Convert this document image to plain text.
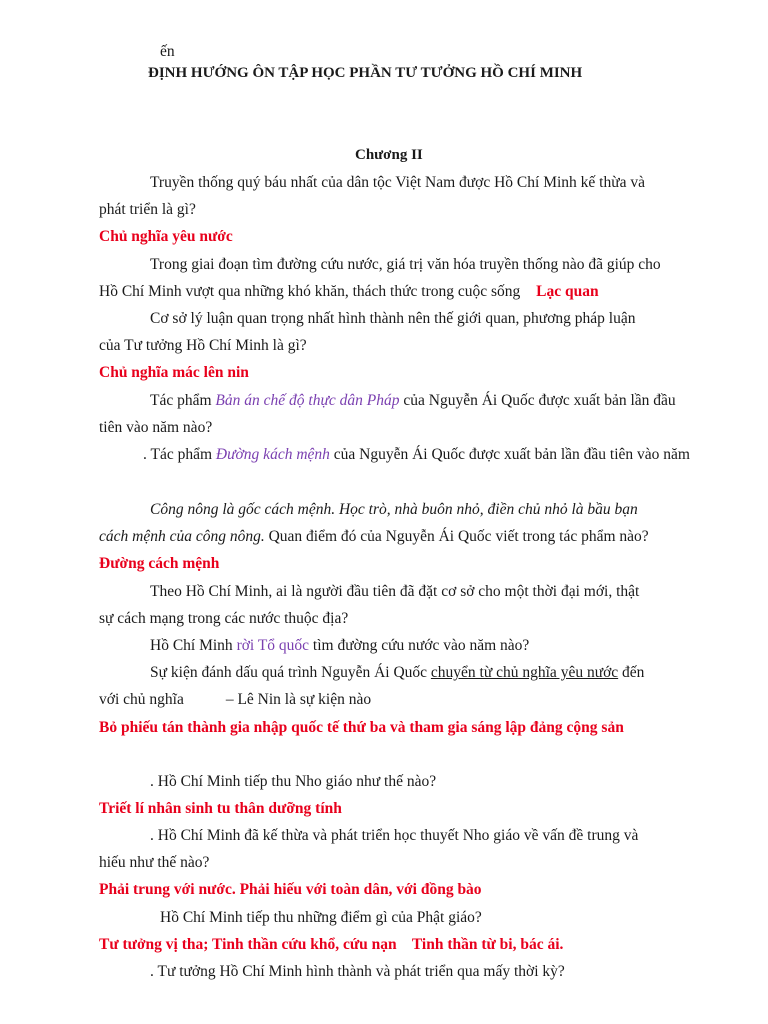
ến
ĐỊNH HƯỚNG ÔN TẬP HỌC PHẦN TƯ TƯỞNG HỒ CHÍ MINH
Chương II
Truyền thống quý báu nhất của dân tộc Việt Nam được Hồ Chí Minh kế thừa và
phát triển là gì?
Chủ nghĩa yêu nước
Trong giai đoạn tìm đường cứu nước, giá trị văn hóa truyền thống nào đã giúp cho
Hồ Chí Minh vượt qua những khó khăn, thách thức trong cuộc sống Lạc quan
Cơ sở lý luận quan trọng nhất hình thành nên thế giới quan, phương pháp luận
của Tư tưởng Hồ Chí Minh là gì?
Chủ nghĩa mác lên nin
Tác phẩm Bản án chế độ thực dân Pháp của Nguyễn Ái Quốc được xuất bản lần đầu
tiên vào năm nào?
. Tác phẩm Đường kách mệnh của Nguyễn Ái Quốc được xuất bản lần đầu tiên vào năm
Công nông là gốc cách mệnh. Học trò, nhà buôn nhỏ, điền chủ nhỏ là bầu bạn
cách mệnh của công nông. Quan điểm đó của Nguyễn Ái Quốc viết trong tác phẩm nào?
Đường cách mệnh
Theo Hồ Chí Minh, ai là người đầu tiên đã đặt cơ sở cho một thời đại mới, thật
sự cách mạng trong các nước thuộc địa?
Hồ Chí Minh rời Tổ quốc tìm đường cứu nước vào năm nào?
Sự kiện đánh dấu quá trình Nguyễn Ái Quốc chuyển từ chủ nghĩa yêu nước đến
với chủ nghĩa	– Lê Nin là sự kiện nào
Bỏ phiếu tán thành gia nhập quốc tế thứ ba và tham gia sáng lập đảng cộng sản
. Hồ Chí Minh tiếp thu Nho giáo như thế nào?
Triết lí nhân sinh tu thân dưỡng tính
. Hồ Chí Minh đã kế thừa và phát triển học thuyết Nho giáo về vấn đề trung và
hiếu như thế nào?
Phải trung với nước. Phải hiếu với toàn dân, với đồng bào
Hồ Chí Minh tiếp thu những điểm gì của Phật giáo?
Tư tưởng vị tha; Tinh thần cứu khổ, cứu nạn    Tinh thần từ bi, bác ái.
. Tư tưởng Hồ Chí Minh hình thành và phát triển qua mấy thời kỳ?
